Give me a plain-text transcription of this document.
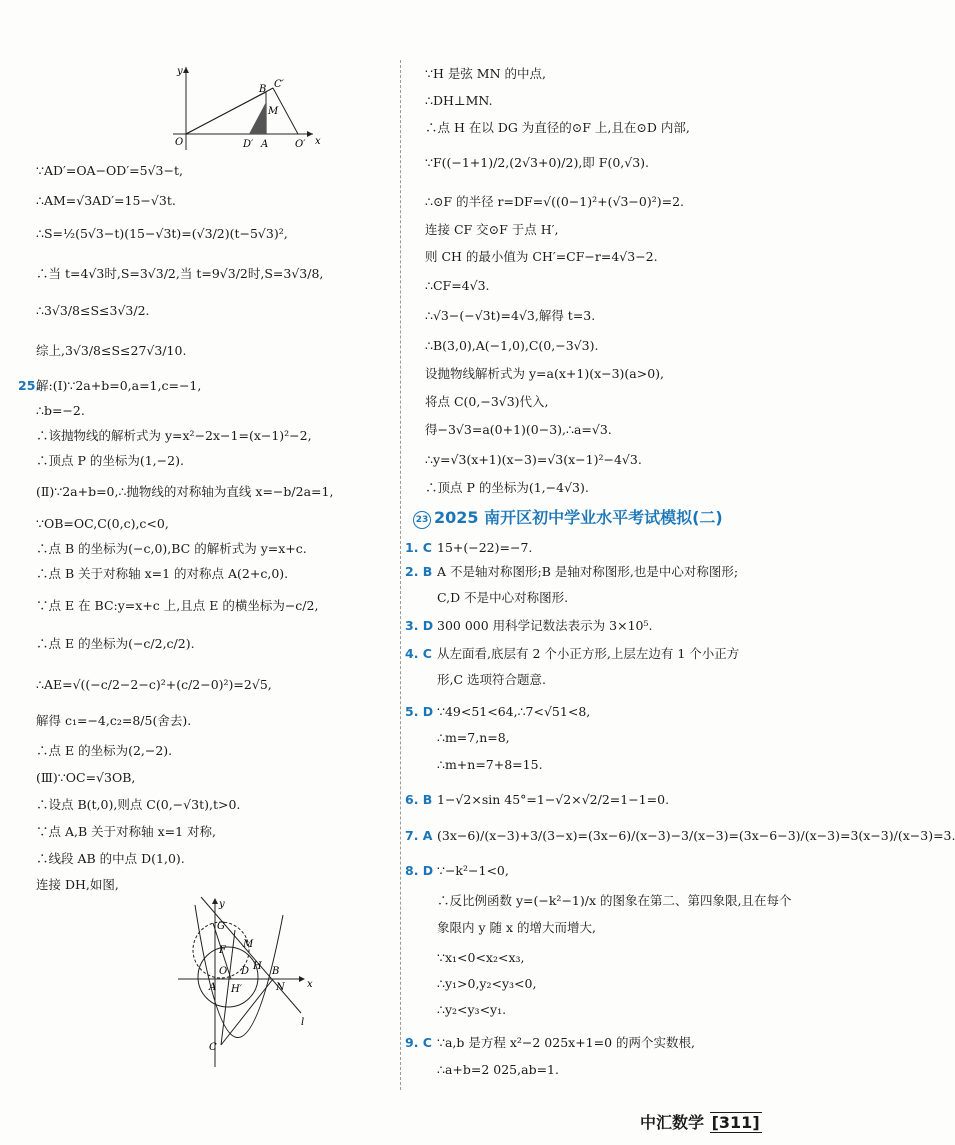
y
x
O
B C′
M
D′ A	O′
∵AD′=OA−OD′=5√3−t,
∴AM=√3AD′=15−√3t.
∴S=½(5√3−t)(15−√3t)=(√3/2)(t−5√3)²,
∴当 t=4√3时,S=3√3/2,当 t=9√3/2时,S=3√3/8,
∴3√3/8≤S≤3√3/2.
综上,3√3/8≤S≤27√3/10.
25.
解:(Ⅰ)∵2a+b=0,a=1,c=−1,
∴b=−2.
∴该抛物线的解析式为 y=x²−2x−1=(x−1)²−2,
∴顶点 P 的坐标为(1,−2).
(Ⅱ)∵2a+b=0,∴抛物线的对称轴为直线 x=−b/2a=1,
∵OB=OC,C(0,c),c<0,
∴点 B 的坐标为(−c,0),BC 的解析式为 y=x+c.
∴点 B 关于对称轴 x=1 的对称点 A(2+c,0).
∵点 E 在 BC:y=x+c 上,且点 E 的横坐标为−c/2,
∴点 E 的坐标为(−c/2,c/2).
∴AE=√((−c/2−2−c)²+(c/2−0)²)=2√5,
解得 c₁=−4,c₂=8/5(舍去).
∴点 E 的坐标为(2,−2).
(Ⅲ)∵OC=√3OB,
∴设点 B(t,0),则点 C(0,−√3t),t>0.
∵点 A,B 关于对称轴 x=1 对称,
∴线段 AB 的中点 D(1,0).
连接 DH,如图,
y
x
G
F
M
O D H B
A H′	N
l
C
∵H 是弦 MN 的中点,
∴DH⊥MN.
∴点 H 在以 DG 为直径的⊙F 上,且在⊙D 内部,
∵F((−1+1)/2,(2√3+0)/2),即 F(0,√3).
∴⊙F 的半径 r=DF=√((0−1)²+(√3−0)²)=2.
连接 CF 交⊙F 于点 H′,
则 CH 的最小值为 CH′=CF−r=4√3−2.
∴CF=4√3.
∴√3−(−√3t)=4√3,解得 t=3.
∴B(3,0),A(−1,0),C(0,−3√3).
设抛物线解析式为 y=a(x+1)(x−3)(a>0),
将点 C(0,−3√3)代入,
得−3√3=a(0+1)(0−3),∴a=√3.
∴y=√3(x+1)(x−3)=√3(x−1)²−4√3.
∴顶点 P 的坐标为(1,−4√3).
23 2025 南开区初中学业水平考试模拟(二)
1. C 15+(−22)=−7.
2. B A 不是轴对称图形;B 是轴对称图形,也是中心对称图形;
C,D 不是中心对称图形.
3. D 300 000 用科学记数法表示为 3×10⁵.
4. C 从左面看,底层有 2 个小正方形,上层左边有 1 个小正方
形,C 选项符合题意.
5. D ∵49<51<64,∴7<√51<8,
∴m=7,n=8,
∴m+n=7+8=15.
6. B 1−√2×sin 45°=1−√2×√2/2=1−1=0.
7. A (3x−6)/(x−3)+3/(3−x)=(3x−6)/(x−3)−3/(x−3)=(3x−6−3)/(x−3)=3(x−3)/(x−3)=3.
8. D ∵−k²−1<0,
∴反比例函数 y=(−k²−1)/x 的图象在第二、第四象限,且在每个
象限内 y 随 x 的增大而增大,
∵x₁<0<x₂<x₃,
∴y₁>0,y₂<y₃<0,
∴y₂<y₃<y₁.
9. C ∵a,b 是方程 x²−2 025x+1=0 的两个实数根,
∴a+b=2 025,ab=1.
中汇数学 [311]
